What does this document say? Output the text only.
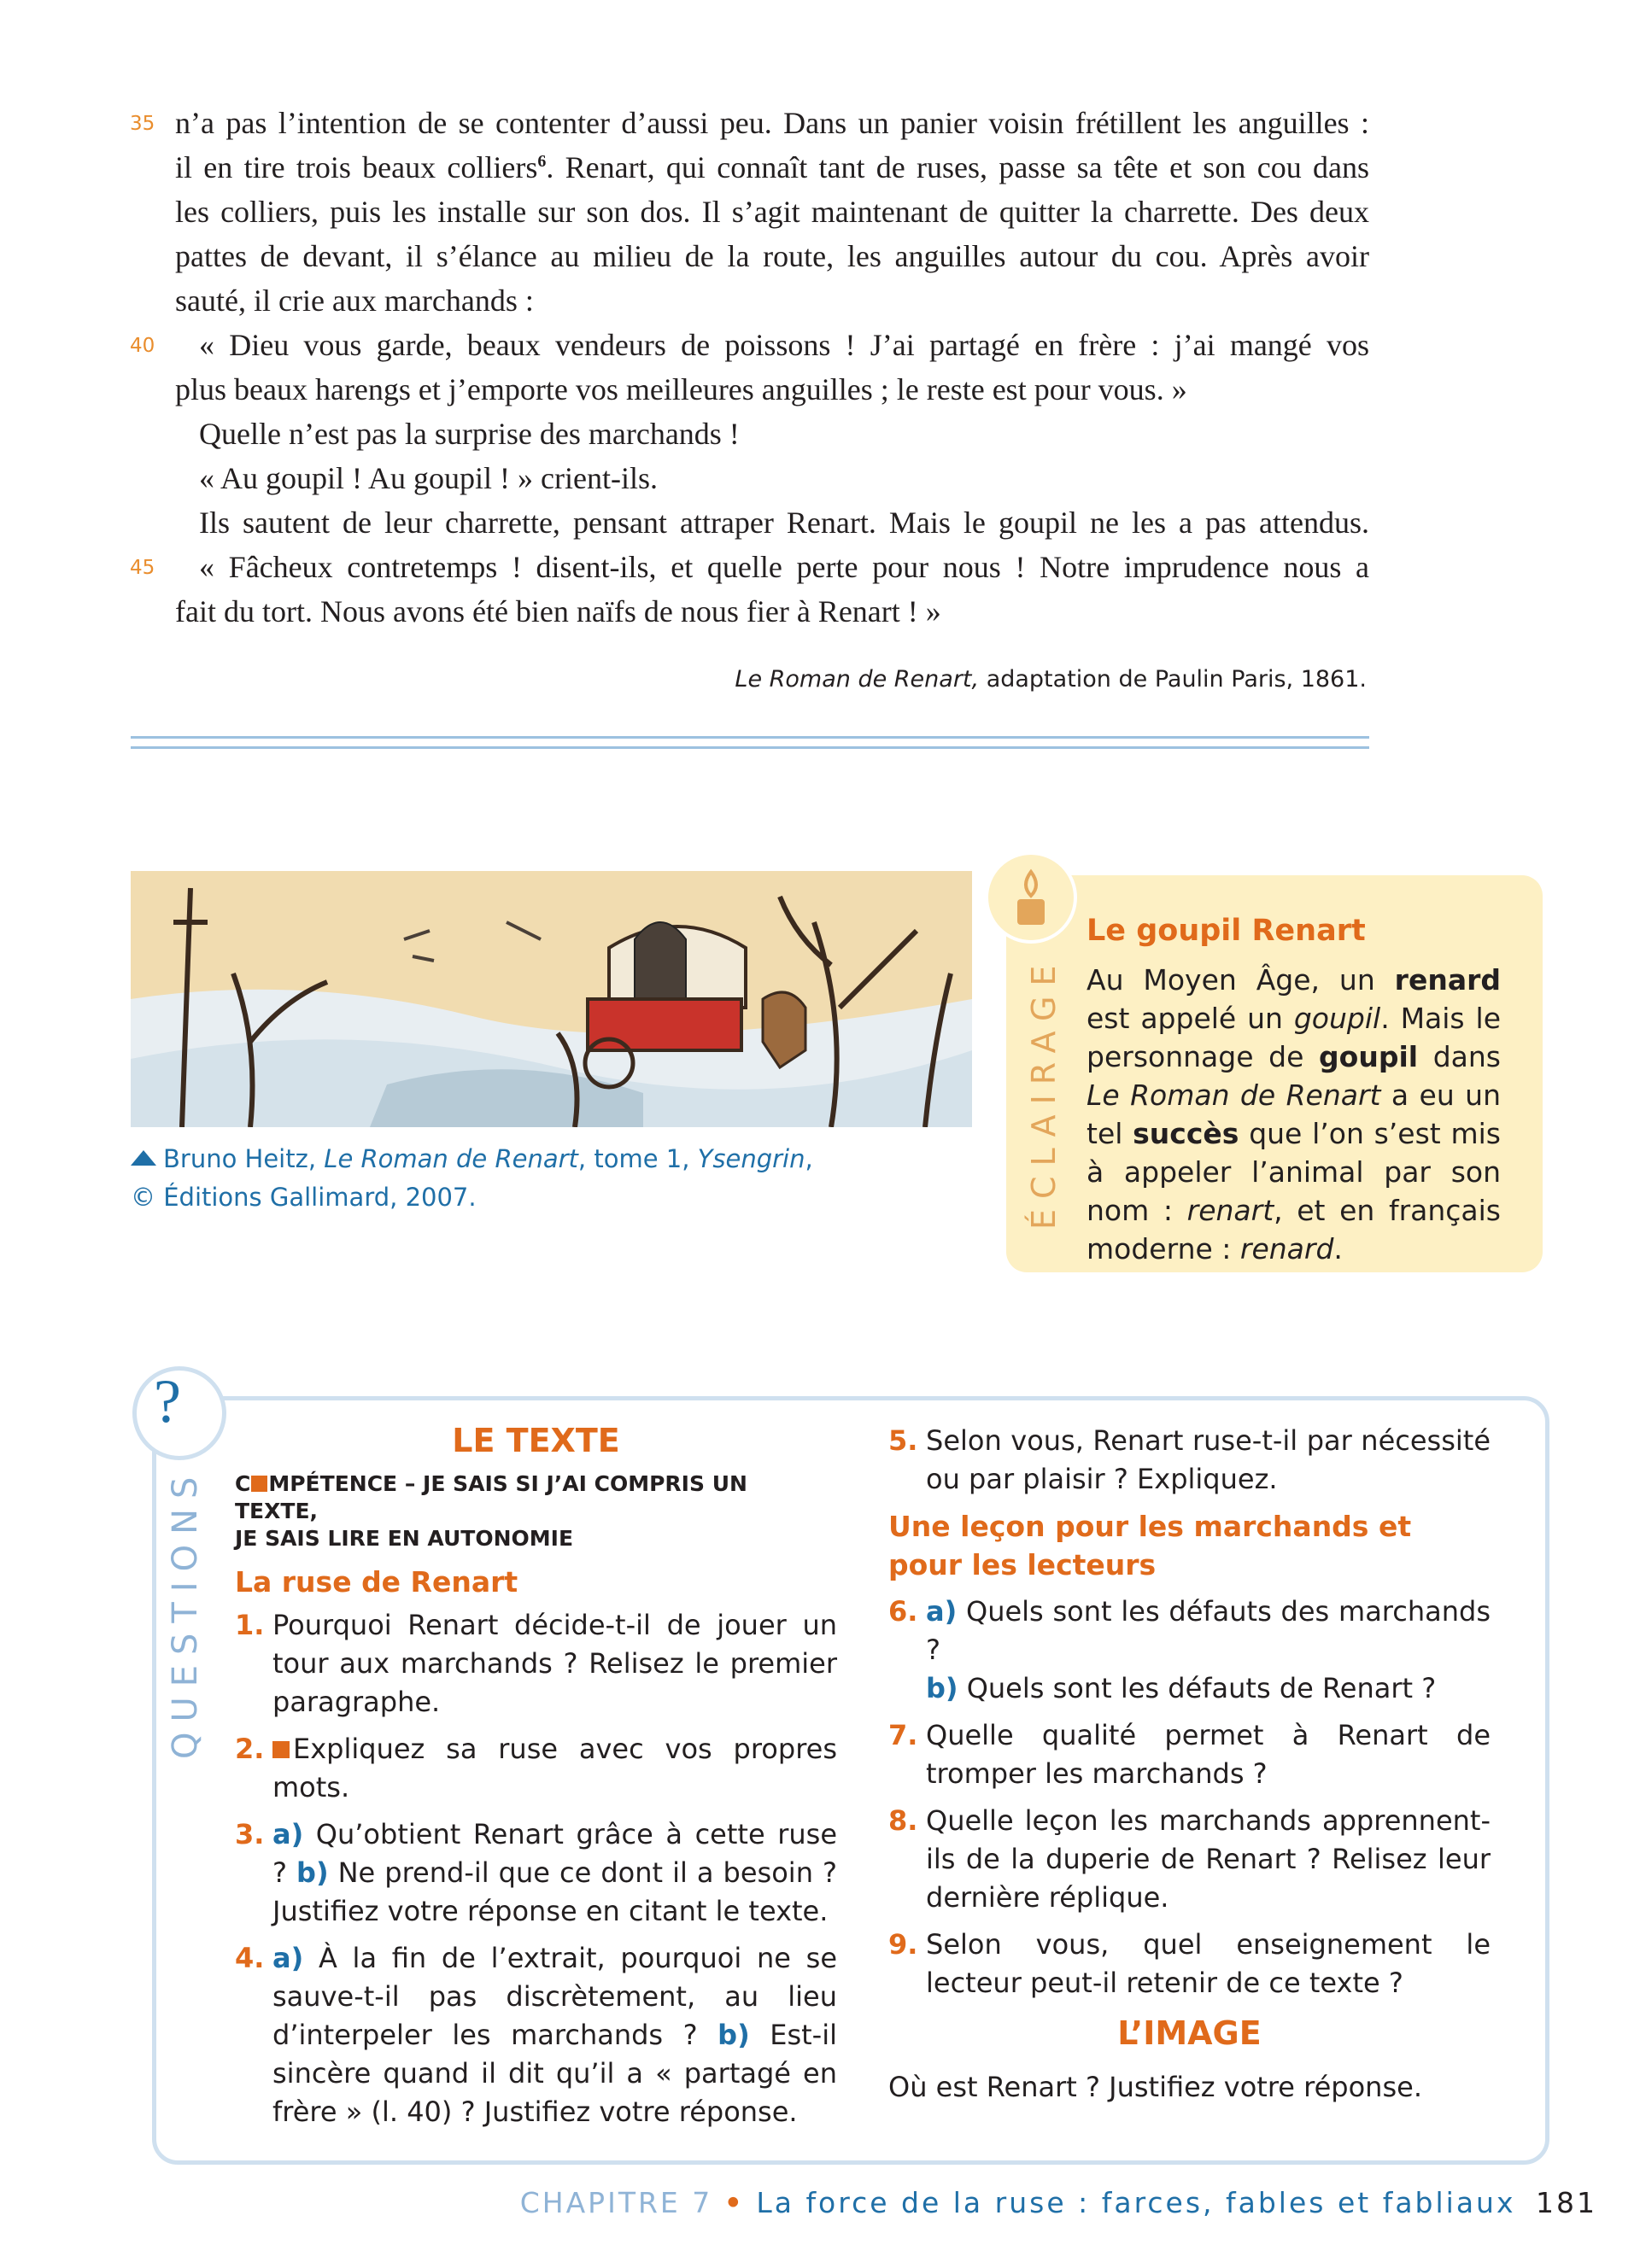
35 n’a pas l’intention de se contenter d’aussi peu. Dans un panier voisin frétillent les anguilles :
il en tire trois beaux colliers$^6$. Renart, qui connaît tant de ruses, passe sa tête et son cou dans
les colliers, puis les installe sur son dos. Il s’agit maintenant de quitter la charrette. Des deux
pattes de devant, il s’élance au milieu de la route, les anguilles autour du cou. Après avoir
sauté, il crie aux marchands :
40 « Dieu vous garde, beaux vendeurs de poissons ! J’ai partagé en frère : j’ai mangé vos
plus beaux harengs et j’emporte vos meilleures anguilles ; le reste est pour vous. »
Quelle n’est pas la surprise des marchands !
« Au goupil ! Au goupil ! » crient-ils.
Ils sautent de leur charrette, pensant attraper Renart. Mais le goupil ne les a pas attendus.
45 « Fâcheux contretemps ! disent-ils, et quelle perte pour nous ! Notre imprudence nous a
fait du tort. Nous avons été bien naïfs de nous fier à Renart ! »
Le Roman de Renart, adaptation de Paulin Paris, 1861.
Bruno Heitz, Le Roman de Renart, tome 1, Ysengrin,
© Éditions Gallimard, 2007.	ÉCLAIRAGE
Le goupil Renart
Au Moyen Âge, un renard est appelé un goupil. Mais le personnage de goupil dans Le Roman de Renart a eu un tel succès que l’on s’est mis à appeler l’animal par son nom : renart, et en français moderne : renard.
?
QUESTIONS
LE TEXTE
C MPÉTENCE – JE SAIS SI J’AI COMPRIS UN TEXTE,
JE SAIS LIRE EN AUTONOMIE
La ruse de Renart
1. Pourquoi Renart décide-t-il de jouer un tour aux marchands ? Relisez le premier paragraphe.
2. Expliquez sa ruse avec vos propres mots.
3. a) Qu’obtient Renart grâce à cette ruse ? b) Ne prend-il que ce dont il a besoin ? Justifiez votre réponse en citant le texte.
4. a) À la fin de l’extrait, pourquoi ne se sauve-t-il pas discrètement, au lieu d’interpeler les marchands ? b) Est-il sincère quand il dit qu’il a « partagé en frère » (l. 40) ? Justifiez votre réponse.
5. Selon vous, Renart ruse-t-il par nécessité ou par plaisir ? Expliquez.
Une leçon pour les marchands et pour les lecteurs
6. a) Quels sont les défauts des marchands ?
b) Quels sont les défauts de Renart ?
7. Quelle qualité permet à Renart de tromper les marchands ?
8. Quelle leçon les marchands apprennent-ils de la duperie de Renart ? Relisez leur dernière réplique.
9. Selon vous, quel enseignement le lecteur peut-il retenir de ce texte ?
L’IMAGE
Où est Renart ? Justifiez votre réponse.
CHAPITRE 7 • La force de la ruse : farces, fables et fabliaux 181
